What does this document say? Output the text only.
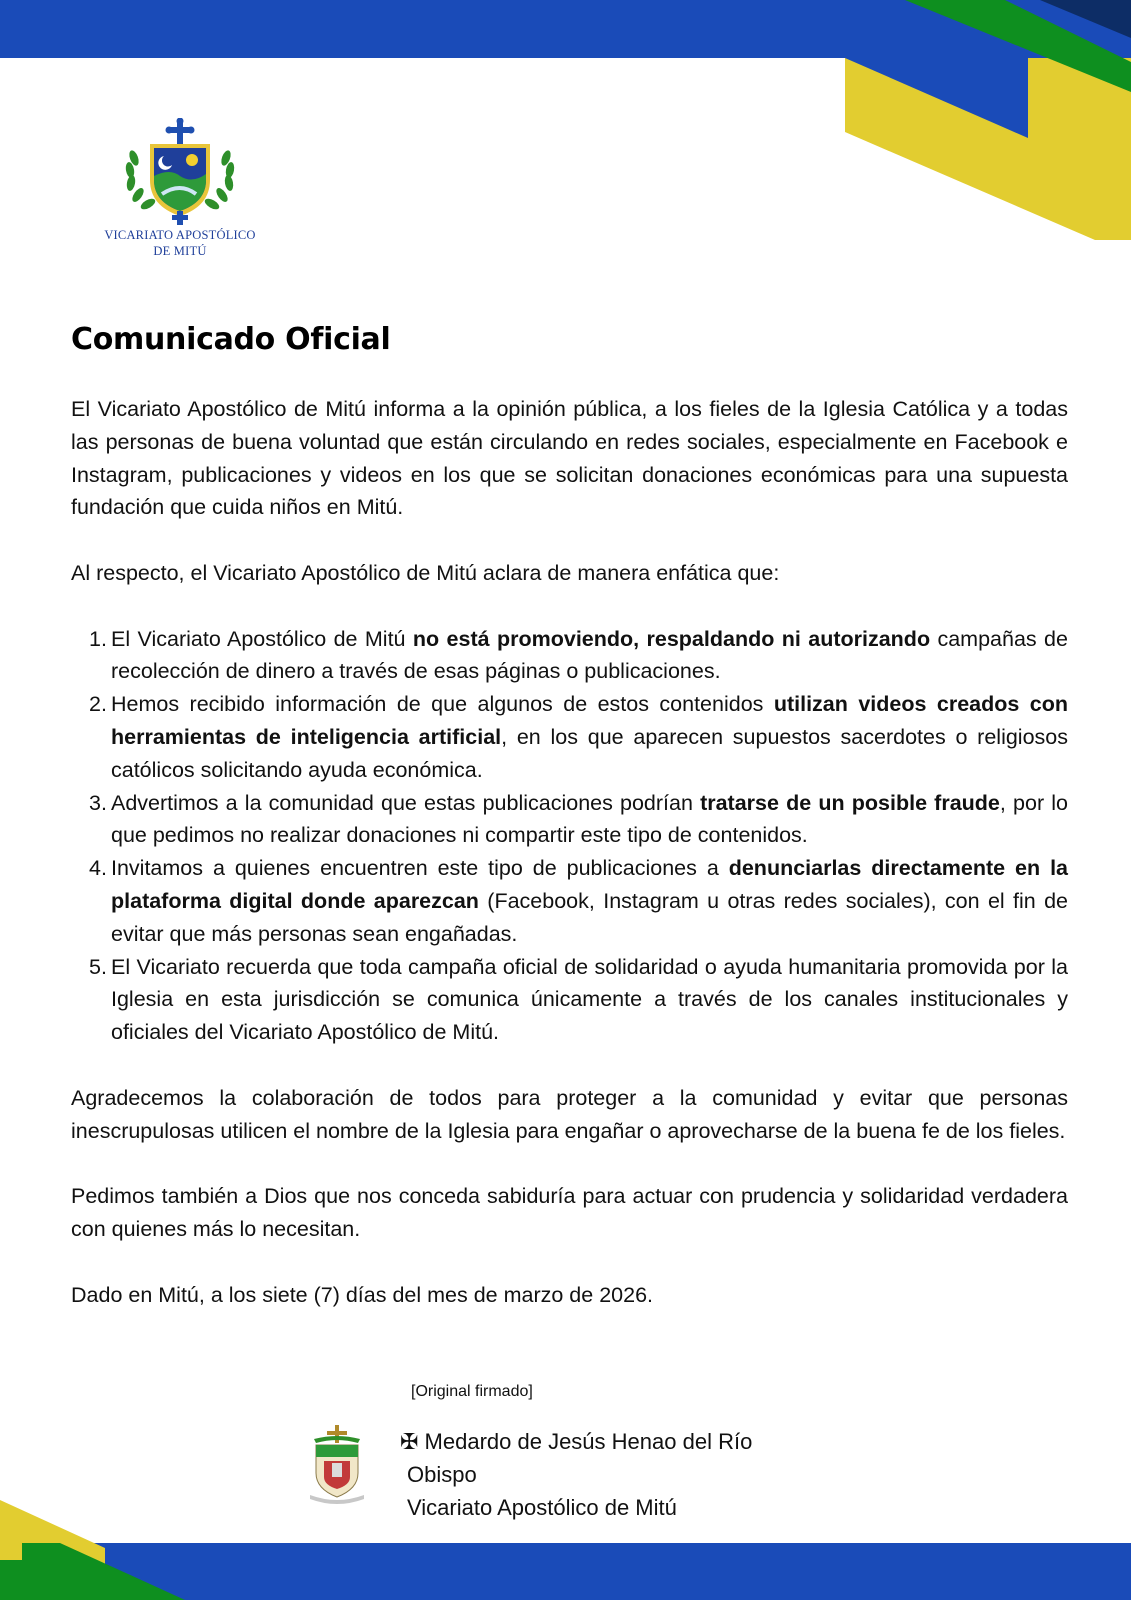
VICARIATO APOSTÓLICO
DE MITÚ
Comunicado Oficial

El Vicariato Apostólico de Mitú informa a la opinión pública, a los fieles de la Iglesia Católica y a todas las personas de buena voluntad que están circulando en redes sociales, especialmente en Facebook e Instagram, publicaciones y videos en los que se solicitan donaciones económicas para una supuesta fundación que cuida niños en Mitú.

Al respecto, el Vicariato Apostólico de Mitú aclara de manera enfática que:

1. El Vicariato Apostólico de Mitú no está promoviendo, respaldando ni autorizando campañas de recolección de dinero a través de esas páginas o publicaciones.
2. Hemos recibido información de que algunos de estos contenidos utilizan videos creados con herramientas de inteligencia artificial, en los que aparecen supuestos sacerdotes o religiosos católicos solicitando ayuda económica.
3. Advertimos a la comunidad que estas publicaciones podrían tratarse de un posible fraude, por lo que pedimos no realizar donaciones ni compartir este tipo de contenidos.
4. Invitamos a quienes encuentren este tipo de publicaciones a denunciarlas directamente en la plataforma digital donde aparezcan (Facebook, Instagram u otras redes sociales), con el fin de evitar que más personas sean engañadas.
5. El Vicariato recuerda que toda campaña oficial de solidaridad o ayuda humanitaria promovida por la Iglesia en esta jurisdicción se comunica únicamente a través de los canales institucionales y oficiales del Vicariato Apostólico de Mitú.

Agradecemos la colaboración de todos para proteger a la comunidad y evitar que personas inescrupulosas utilicen el nombre de la Iglesia para engañar o aprovecharse de la buena fe de los fieles.

Pedimos también a Dios que nos conceda sabiduría para actuar con prudencia y solidaridad verdadera con quienes más lo necesitan.

Dado en Mitú, a los siete (7) días del mes de marzo de 2026.

[Original firmado]
✠ Medardo de Jesús Henao del Río
Obispo
Vicariato Apostólico de Mitú
